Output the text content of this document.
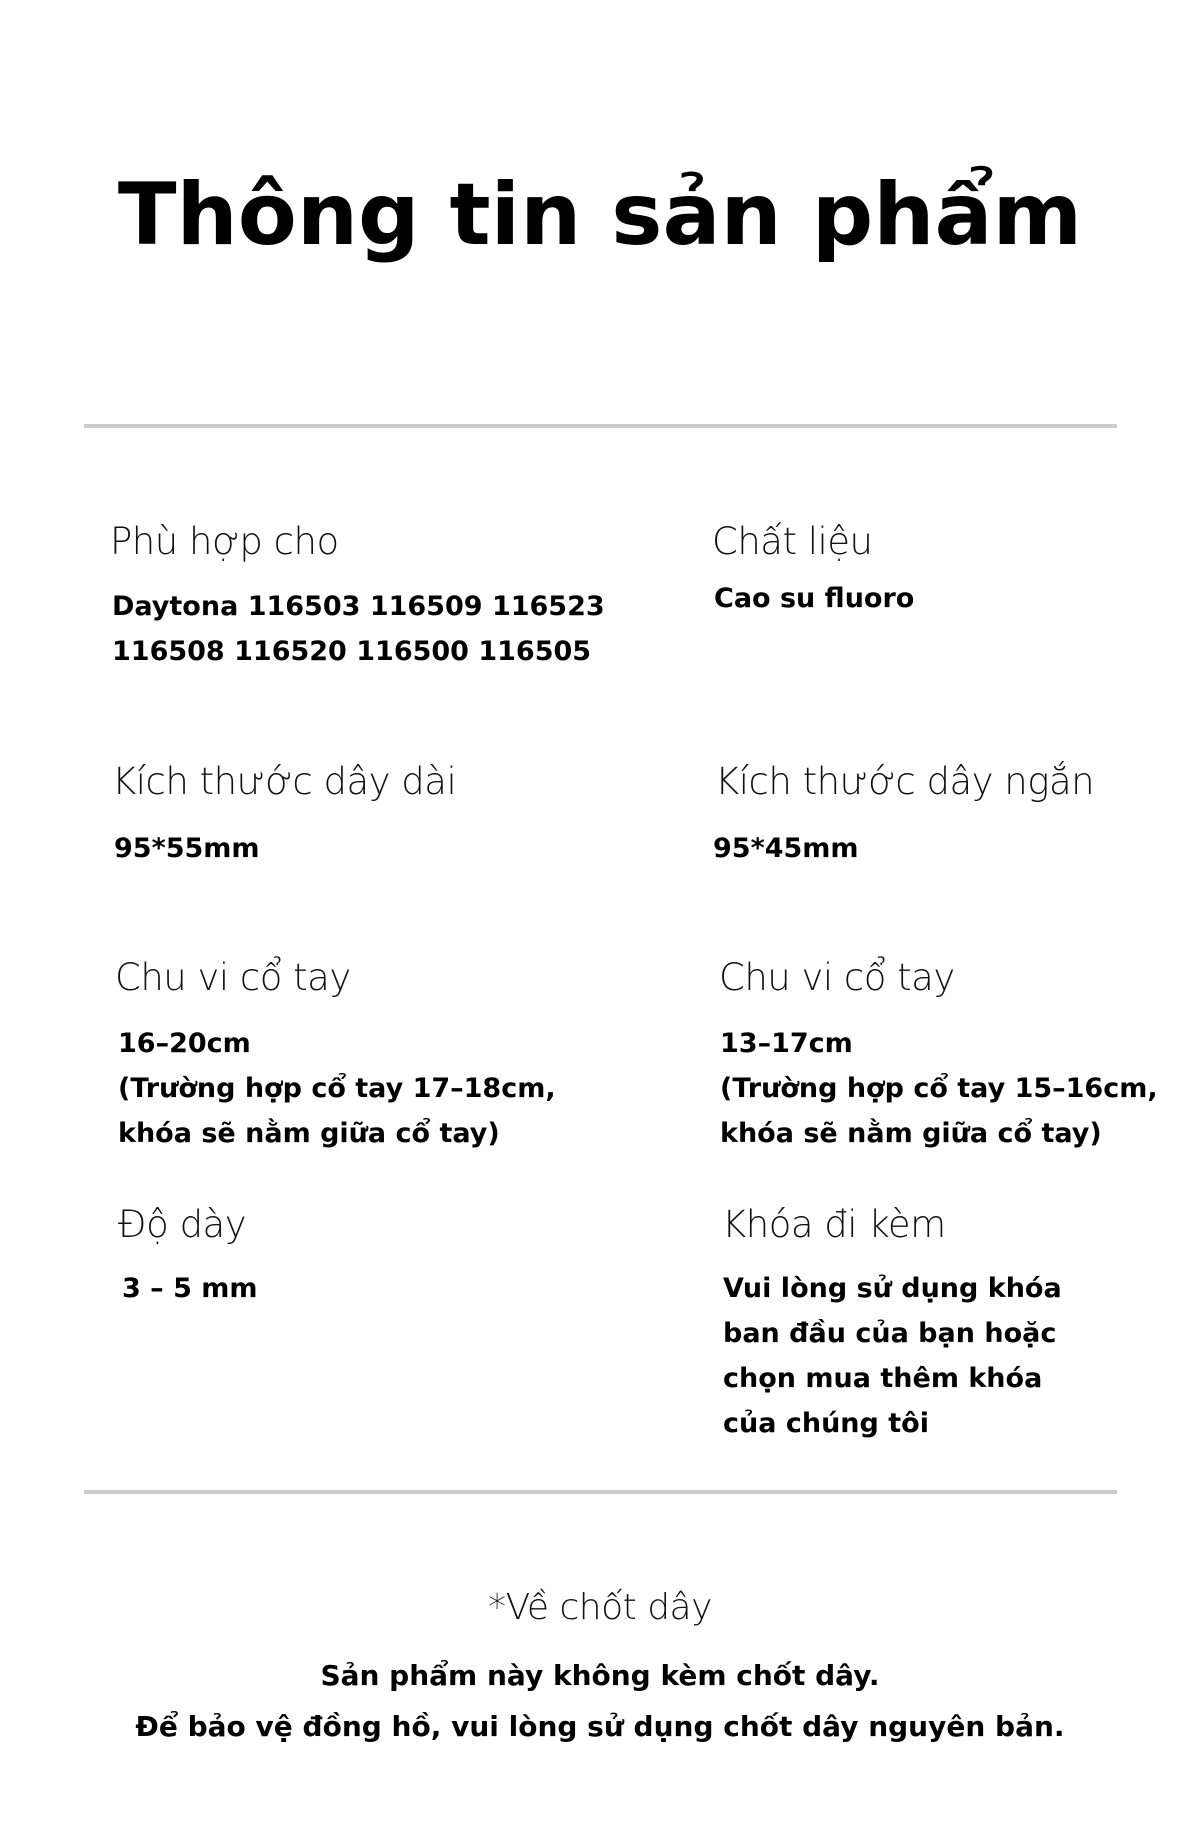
Thông tin sản phẩm
Phù hợp cho
Daytona 116503 116509 116523
116508 116520 116500 116505
Chất liệu
Cao su fluoro
Kích thước dây dài
95*55mm
Kích thước dây ngắn
95*45mm
Chu vi cổ tay
16–20cm
(Trường hợp cổ tay 17–18cm,
khóa sẽ nằm giữa cổ tay)
Chu vi cổ tay
13–17cm
(Trường hợp cổ tay 15–16cm,
khóa sẽ nằm giữa cổ tay)
Độ dày
3 – 5 mm
Khóa đi kèm
Vui lòng sử dụng khóa
ban đầu của bạn hoặc
chọn mua thêm khóa
của chúng tôi
*Về chốt dây
Sản phẩm này không kèm chốt dây.
Để bảo vệ đồng hồ, vui lòng sử dụng chốt dây nguyên bản.
